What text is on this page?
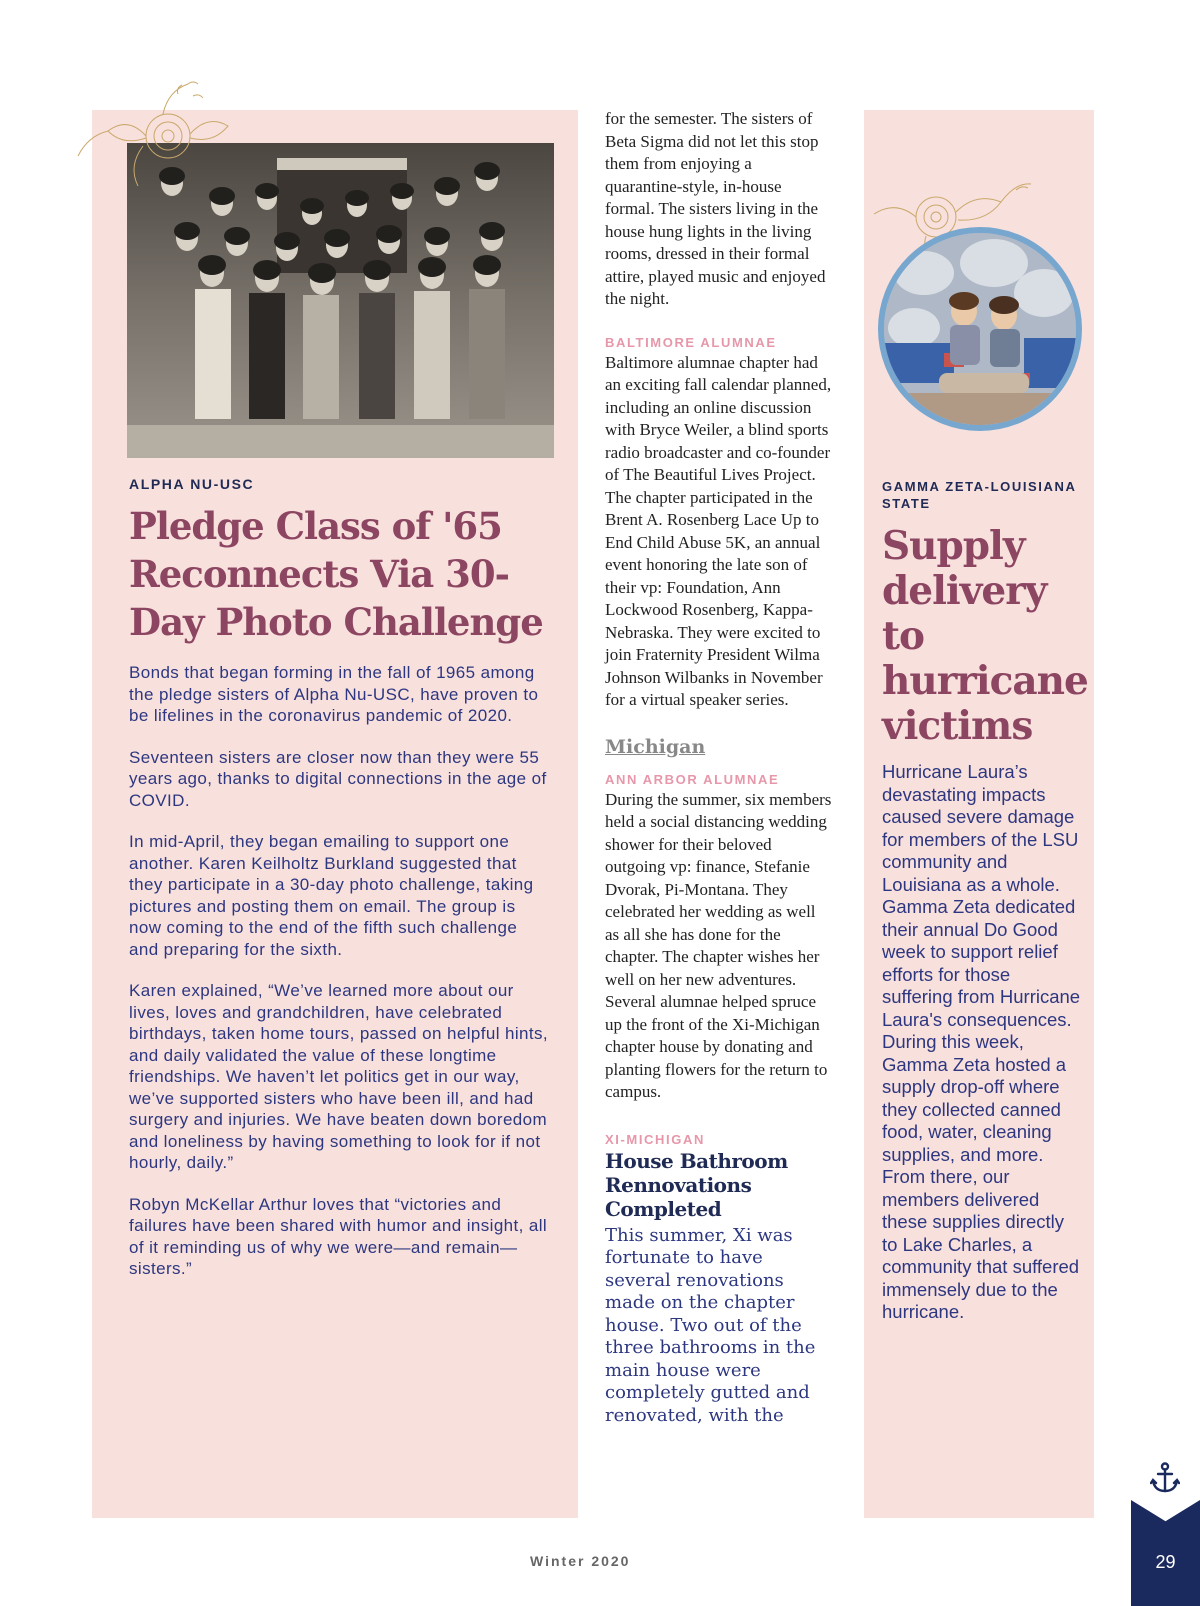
ALPHA NU-USC
Pledge Class of '65 Reconnects Via 30-Day Photo Challenge

Bonds that began forming in the fall of 1965 among the pledge sisters of Alpha Nu-USC, have proven to be lifelines in the coronavirus pandemic of 2020.

Seventeen sisters are closer now than they were 55 years ago, thanks to digital connections in the age of COVID.

In mid-April, they began emailing to support one another. Karen Keilholtz Burkland suggested that they participate in a 30-day photo challenge, taking pictures and posting them on email. The group is now coming to the end of the fifth such challenge and preparing for the sixth.

Karen explained, “We’ve learned more about our lives, loves and grandchildren, have celebrated birthdays, taken home tours, passed on helpful hints, and daily validated the value of these longtime friendships. We haven’t let politics get in our way, we’ve supported sisters who have been ill, and had surgery and injuries. We have beaten down boredom and loneliness by having something to look for if not hourly, daily.”

Robyn McKellar Arthur loves that “victories and failures have been shared with humor and insight, all of it reminding us of why we were—and remain—sisters.”

for the semester. The sisters of Beta Sigma did not let this stop them from enjoying a quarantine-style, in-house formal. The sisters living in the house hung lights in the living rooms, dressed in their formal attire, played music and enjoyed the night.

BALTIMORE ALUMNAE

Baltimore alumnae chapter had an exciting fall calendar planned, including an online discussion with Bryce Weiler, a blind sports radio broadcaster and co-founder of The Beautiful Lives Project. The chapter participated in the Brent A. Rosenberg Lace Up to End Child Abuse 5K, an annual event honoring the late son of their vp: Foundation, Ann Lockwood Rosenberg, Kappa-Nebraska. They were excited to join Fraternity President Wilma Johnson Wilbanks in November for a virtual speaker series.

Michigan
ANN ARBOR ALUMNAE

During the summer, six members held a social distancing wedding shower for their beloved outgoing vp: finance, Stefanie Dvorak, Pi-Montana. They celebrated her wedding as well as all she has done for the chapter. The chapter wishes her well on her new adventures. Several alumnae helped spruce up the front of the Xi-Michigan chapter house by donating and planting flowers for the return to campus.

XI-MICHIGAN
House Bathroom Rennovations Completed

This summer, Xi was fortunate to have several renovations made on the chapter house. Two out of the three bathrooms in the main house were completely gutted and renovated, with the

GAMMA ZETA-LOUISIANA STATE
Supply delivery to hurricane victims
Hurricane Laura’s devastating impacts caused severe damage for members of the LSU community and Louisiana as a whole. Gamma Zeta dedicated their annual Do Good week to support relief efforts for those suffering from Hurricane Laura's consequences. During this week, Gamma Zeta hosted a supply drop-off where they collected canned food, water, cleaning supplies, and more. From there, our members delivered these supplies directly to Lake Charles, a community that suffered immensely due to the hurricane.
Winter 2020	29
